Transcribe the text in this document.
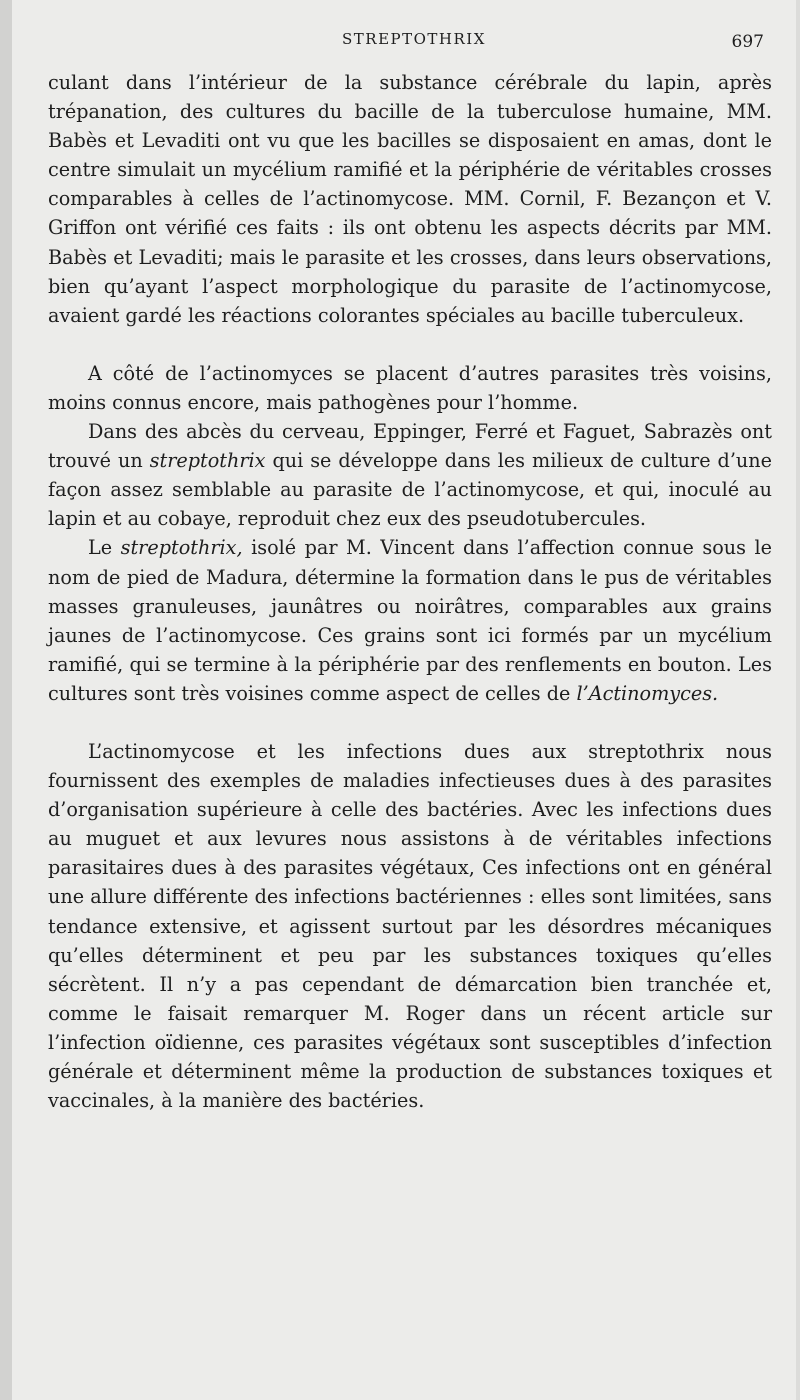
STREPTOTHRIX	697

culant dans l’intérieur de la substance cérébrale du lapin, après trépanation, des cultures du bacille de la tuberculose humaine, MM. Babès et Levaditi ont vu que les bacilles se disposaient en amas, dont le centre simulait un mycélium ramifié et la périphérie de véritables crosses comparables à celles de l’actinomycose. MM. Cornil, F. Bezançon et V. Griffon ont vérifié ces faits : ils ont obtenu les aspects décrits par MM. Babès et Levaditi; mais le parasite et les crosses, dans leurs observations, bien qu’ayant l’aspect morphologique du parasite de l’actinomycose, avaient gardé les réactions colorantes spéciales au bacille tuberculeux.

A côté de l’actinomyces se placent d’autres parasites très voisins, moins connus encore, mais pathogènes pour l’homme.

Dans des abcès du cerveau, Eppinger, Ferré et Faguet, Sabrazès ont trouvé un streptothrix qui se développe dans les milieux de culture d’une façon assez semblable au parasite de l’actinomycose, et qui, inoculé au lapin et au cobaye, reproduit chez eux des pseudotubercules.

Le streptothrix, isolé par M. Vincent dans l’affection connue sous le nom de pied de Madura, détermine la formation dans le pus de véritables masses granuleuses, jaunâtres ou noirâtres, comparables aux grains jaunes de l’actinomycose. Ces grains sont ici formés par un mycélium ramifié, qui se termine à la périphérie par des renflements en bouton. Les cultures sont très voisines comme aspect de celles de l’Actinomyces.

L’actinomycose et les infections dues aux streptothrix nous fournissent des exemples de maladies infectieuses dues à des parasites d’organisation supérieure à celle des bactéries. Avec les infections dues au muguet et aux levures nous assistons à de véritables infections parasitaires dues à des parasites végétaux, Ces infections ont en général une allure différente des infections bactériennes : elles sont limitées, sans tendance extensive, et agissent surtout par les désordres mécaniques qu’elles déterminent et peu par les substances toxiques qu’elles sécrètent. Il n’y a pas cependant de démarcation bien tranchée et, comme le faisait remarquer M. Roger dans un récent article sur l’infection oïdienne, ces parasites végétaux sont susceptibles d’infection générale et déterminent même la production de substances toxiques et vaccinales, à la manière des bactéries.
